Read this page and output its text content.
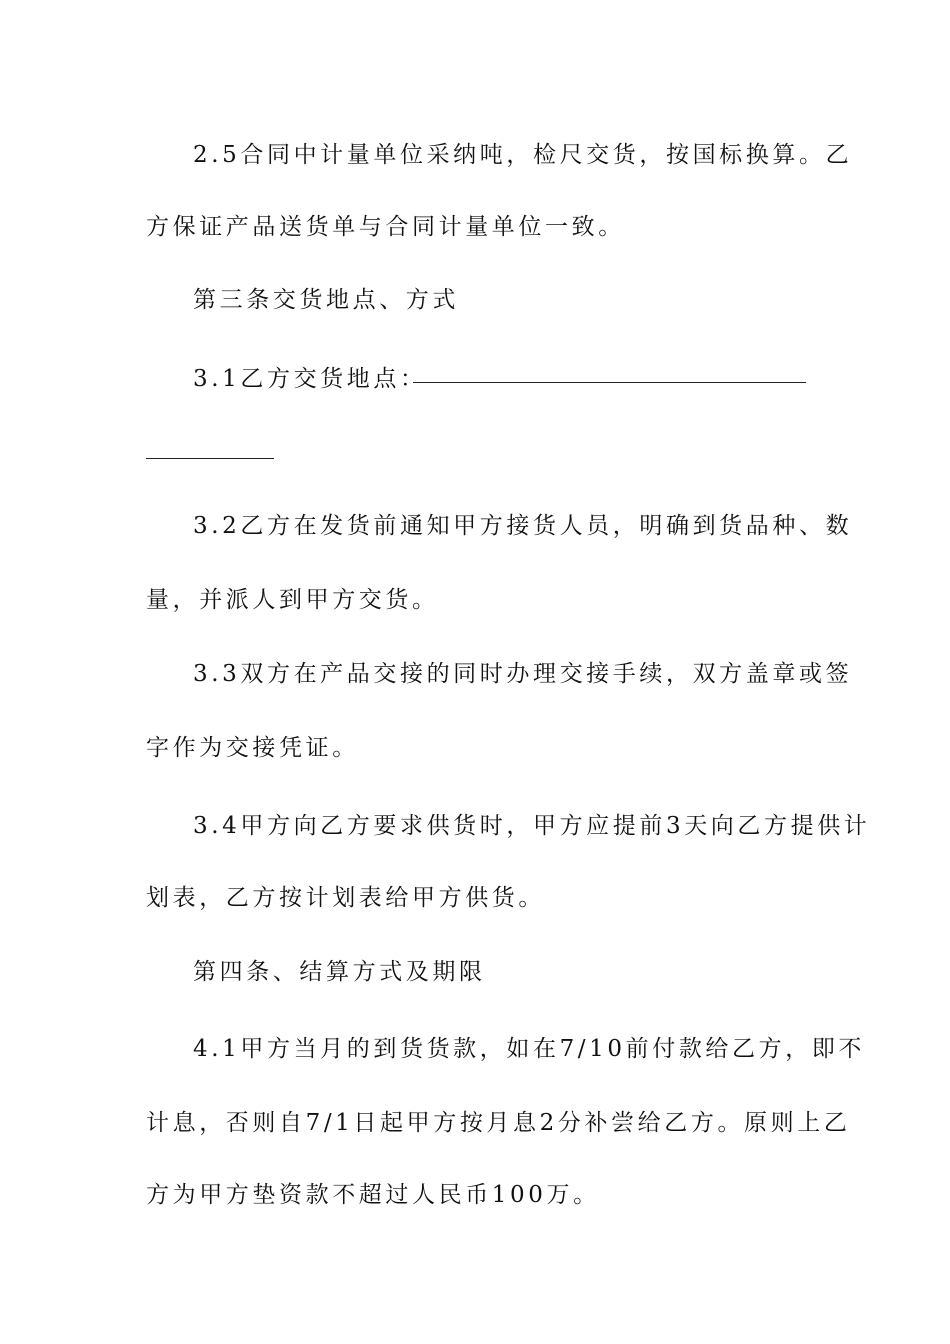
2.5合同中计量单位采纳吨，检尺交货，按国标换算。乙
方保证产品送货单与合同计量单位一致。
第三条交货地点、方式
3.1乙方交货地点：
3.2乙方在发货前通知甲方接货人员，明确到货品种、数
量，并派人到甲方交货。
3.3双方在产品交接的同时办理交接手续，双方盖章或签
字作为交接凭证。
3.4甲方向乙方要求供货时，甲方应提前3天向乙方提供计
划表，乙方按计划表给甲方供货。
第四条、结算方式及期限
4.1甲方当月的到货货款，如在7/10前付款给乙方，即不
计息，否则自7/1日起甲方按月息2分补尝给乙方。原则上乙
方为甲方垫资款不超过人民币100万。
